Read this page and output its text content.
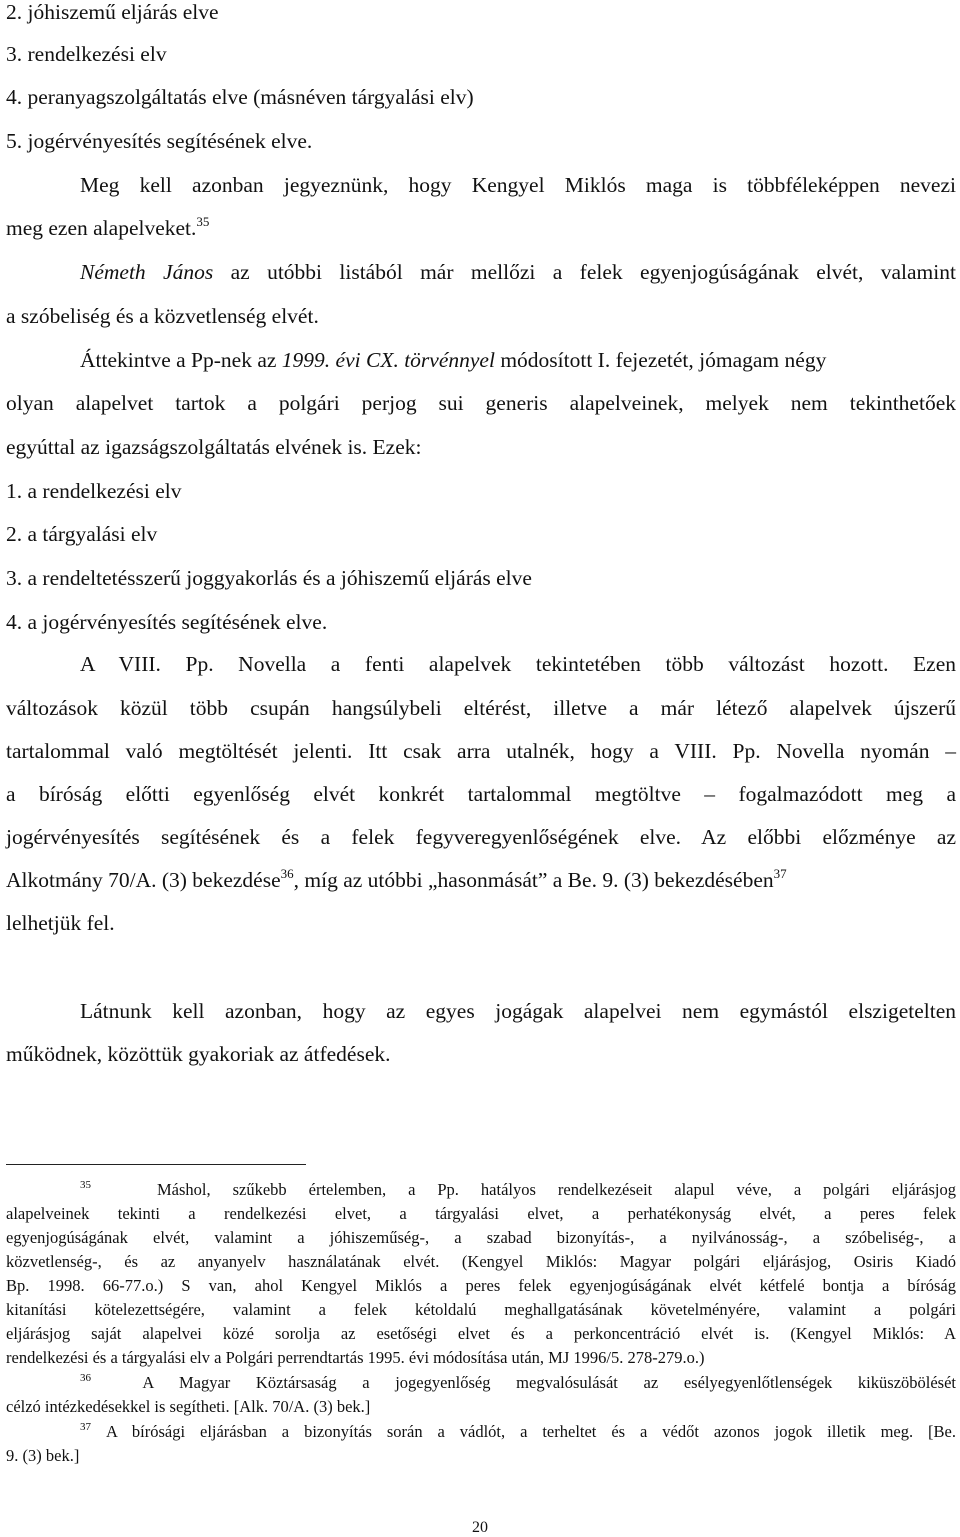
2. jóhiszemű eljárás elve
3. rendelkezési elv
4. peranyagszolgáltatás elve (másnéven tárgyalási elv)
5. jogérvényesítés segítésének elve.
Meg kell azonban jegyeznünk, hogy Kengyel Miklós maga is többféleképpen nevezi
meg ezen alapelveket.$^{35}$
Németh János az utóbbi listából már mellőzi a felek egyenjogúságának elvét, valamint
a szóbeliség és a közvetlenség elvét.
Áttekintve a Pp-nek az 1999. évi CX. törvénnyel módosított I. fejezetét, jómagam négy
olyan alapelvet tartok a polgári perjog sui generis alapelveinek, melyek nem tekinthetőek
egyúttal az igazságszolgáltatás elvének is. Ezek:
1. a rendelkezési elv
2. a tárgyalási elv
3. a rendeltetésszerű joggyakorlás és a jóhiszemű eljárás elve
4. a jogérvényesítés segítésének elve.
A VIII. Pp. Novella a fenti alapelvek tekintetében több változást hozott. Ezen
változások közül több csupán hangsúlybeli eltérést, illetve a már létező alapelvek újszerű
tartalommal való megtöltését jelenti. Itt csak arra utalnék, hogy a VIII. Pp. Novella nyomán –
a bíróság előtti egyenlőség elvét konkrét tartalommal megtöltve – fogalmazódott meg a
jogérvényesítés segítésének és a felek fegyveregyenlőségének elve. Az előbbi előzménye az
Alkotmány 70/A. (3) bekezdése$^{36}$, míg az utóbbi „hasonmását” a Be. 9. (3) bekezdésében$^{37}$
lelhetjük fel.
Látnunk kell azonban, hogy az egyes jogágak alapelvei nem egymástól elszigetelten
működnek, közöttük gyakoriak az átfedések.
$^{35}$	Máshol, szűkebb értelemben, a Pp. hatályos rendelkezéseit alapul véve, a polgári eljárásjog
alapelveinek tekinti a rendelkezési elvet, a tárgyalási elvet, a perhatékonyság elvét, a peres felek
egyenjogúságának elvét, valamint a jóhiszeműség-, a szabad bizonyítás-, a nyilvánosság-, a szóbeliség-, a
közvetlenség-, és az anyanyelv használatának elvét. (Kengyel Miklós: Magyar polgári eljárásjog, Osiris Kiadó
Bp. 1998. 66-77.o.) S van, ahol Kengyel Miklós a peres felek egyenjogúságának elvét kétfelé bontja a bíróság
kitanítási kötelezettségére, valamint a felek kétoldalú meghallgatásának követelményére, valamint a polgári
eljárásjog saját alapelvei közé sorolja az esetőségi elvet és a perkoncentráció elvét is. (Kengyel Miklós: A
rendelkezési és a tárgyalási elv a Polgári perrendtartás 1995. évi módosítása után, MJ 1996/5. 278-279.o.)
$^{36}$	A Magyar Köztársaság a jogegyenlőség megvalósulását az esélyegyenlőtlenségek kiküszöbölését
célzó intézkedésekkel is segítheti. [Alk. 70/A. (3) bek.]
$^{37}$ A bírósági eljárásban a bizonyítás során a vádlót, a terheltet és a védőt azonos jogok illetik meg. [Be.
9. (3) bek.]
20
